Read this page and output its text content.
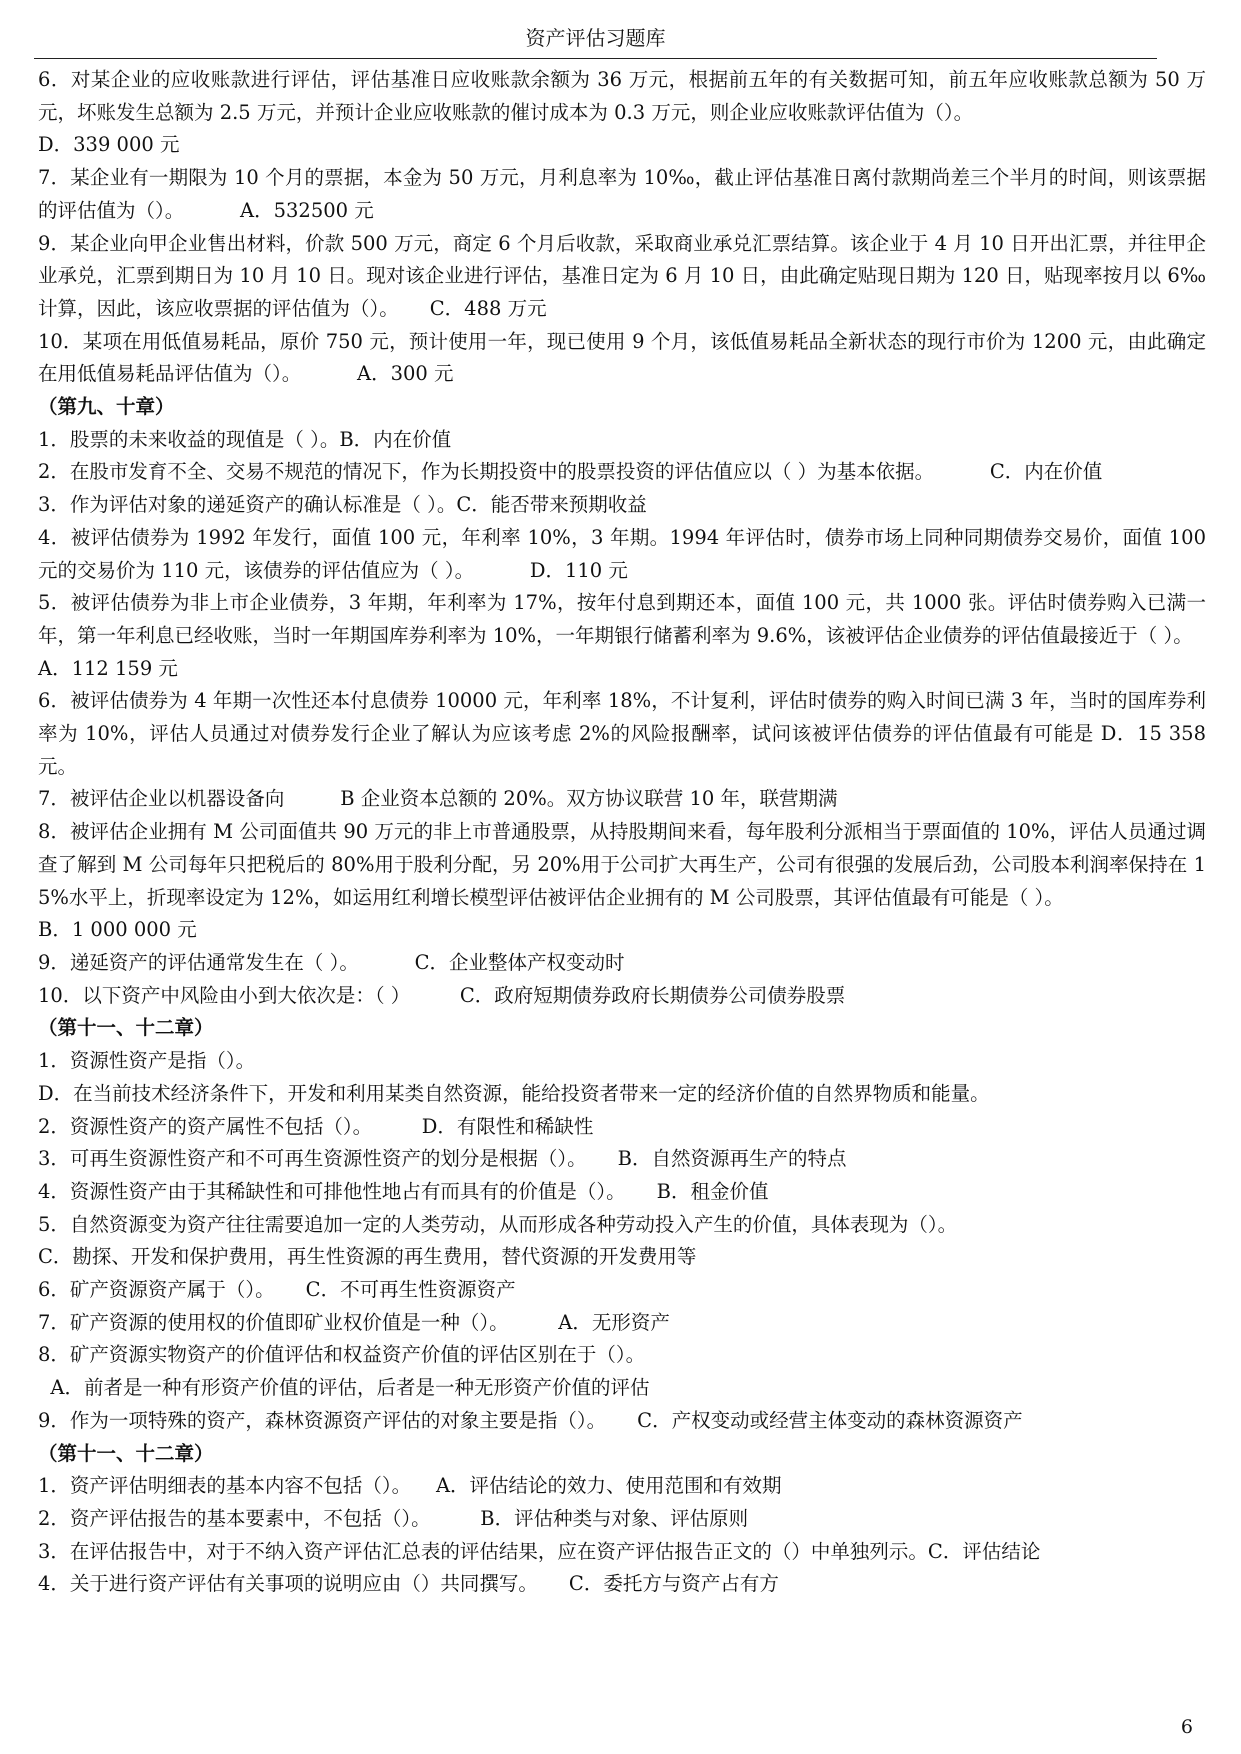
资产评估习题库

6．对某企业的应收账款进行评估，评估基准日应收账款余额为 36 万元，根据前五年的有关数据可知，前五年应收账款总额为 50 万元，坏账发生总额为 2.5 万元，并预计企业应收账款的催讨成本为 0.3 万元，则企业应收账款评估值为（）。

D．339 000 元

7．某企业有一期限为 10 个月的票据，本金为 50 万元，月利息率为 10‰，截止评估基准日离付款期尚差三个半月的时间，则该票据的评估值为（）。         A．532500 元

9．某企业向甲企业售出材料，价款 500 万元，商定 6 个月后收款，采取商业承兑汇票结算。该企业于 4 月 10 日开出汇票，并往甲企业承兑，汇票到期日为 10 月 10 日。现对该企业进行评估，基准日定为 6 月 10 日，由此确定贴现日期为 120 日，贴现率按月以 6‰计算，因此，该应收票据的评估值为（）。     C．488 万元

10．某项在用低值易耗品，原价 750 元，预计使用一年，现已使用 9 个月，该低值易耗品全新状态的现行市价为 1200 元，由此确定在用低值易耗品评估值为（）。         A．300 元

（第九、十章）

1．股票的未来收益的现值是（ ）。B．内在价值

2．在股市发育不全、交易不规范的情况下，作为长期投资中的股票投资的评估值应以（ ）为基本依据。         C．内在价值

3．作为评估对象的递延资产的确认标准是（ ）。C．能否带来预期收益

4．被评估债券为 1992 年发行，面值 100 元，年利率 10%，3 年期。1994 年评估时，债券市场上同种同期债券交易价，面值 100 元的交易价为 110 元，该债券的评估值应为（ ）。         D．110 元

5．被评估债券为非上市企业债券，3 年期，年利率为 17%，按年付息到期还本，面值 100 元，共 1000 张。评估时债券购入已满一年，第一年利息已经收账，当时一年期国库券利率为 10%，一年期银行储蓄利率为 9.6%，该被评估企业债券的评估值最接近于（ ）。

A．112 159 元

6．被评估债券为 4 年期一次性还本付息债券 10000 元，年利率 18%，不计复利，评估时债券的购入时间已满 3 年，当时的国库券利率为 10%，评估人员通过对债券发行企业了解认为应该考虑 2%的风险报酬率，试问该被评估债券的评估值最有可能是 D．15 358 元。

7．被评估企业以机器设备向         B 企业资本总额的 20%。双方协议联营 10 年，联营期满

8．被评估企业拥有 M 公司面值共 90 万元的非上市普通股票，从持股期间来看，每年股利分派相当于票面值的 10%，评估人员通过调查了解到 M 公司每年只把税后的 80%用于股利分配，另 20%用于公司扩大再生产，公司有很强的发展后劲，公司股本利润率保持在 15%水平上，折现率设定为 12%，如运用红利增长模型评估被评估企业拥有的 M 公司股票，其评估值最有可能是（ ）。

B．1 000 000 元

9．递延资产的评估通常发生在（ ）。         C．企业整体产权变动时

10．以下资产中风险由小到大依次是：（ ）        C．政府短期债券政府长期债券公司债券股票

（第十一、十二章）

1．资源性资产是指（）。

D．在当前技术经济条件下，开发和利用某类自然资源，能给投资者带来一定的经济价值的自然界物质和能量。

2．资源性资产的资产属性不包括（）。        D．有限性和稀缺性

3．可再生资源性资产和不可再生资源性资产的划分是根据（）。     B．自然资源再生产的特点

4．资源性资产由于其稀缺性和可排他性地占有而具有的价值是（）。     B．租金价值

5．自然资源变为资产往往需要追加一定的人类劳动，从而形成各种劳动投入产生的价值，具体表现为（）。

C．勘探、开发和保护费用，再生性资源的再生费用，替代资源的开发费用等

6．矿产资源资产属于（）。     C．不可再生性资源资产

7．矿产资源的使用权的价值即矿业权价值是一种（）。        A．无形资产

8．矿产资源实物资产的价值评估和权益资产价值的评估区别在于（）。

A．前者是一种有形资产价值的评估，后者是一种无形资产价值的评估

9．作为一项特殊的资产，森林资源资产评估的对象主要是指（）。     C．产权变动或经营主体变动的森林资源资产

（第十一、十二章）

1．资产评估明细表的基本内容不包括（）。    A．评估结论的效力、使用范围和有效期

2．资产评估报告的基本要素中，不包括（）。        B．评估种类与对象、评估原则

3．在评估报告中，对于不纳入资产评估汇总表的评估结果，应在资产评估报告正文的（）中单独列示。C．评估结论

4．关于进行资产评估有关事项的说明应由（）共同撰写。     C．委托方与资产占有方

6
